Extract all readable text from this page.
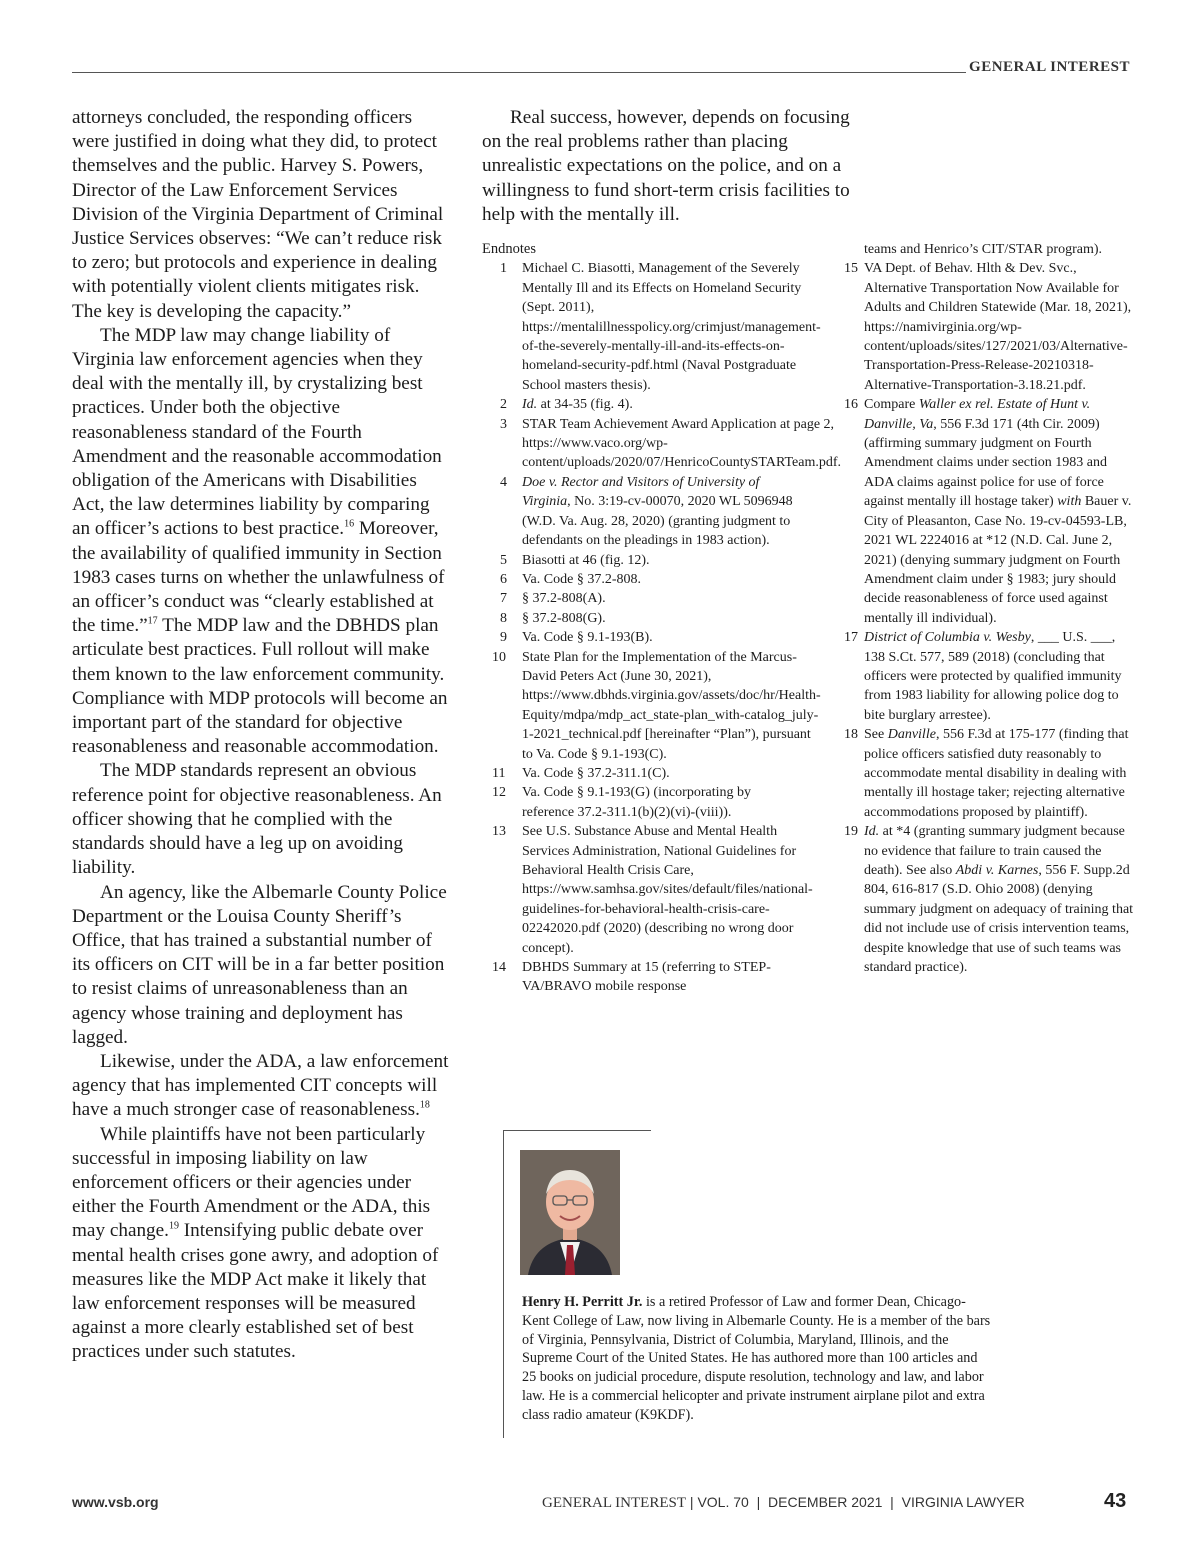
GENERAL INTEREST

attorneys concluded, the responding officers were justified in doing what they did, to protect themselves and the public. Harvey S. Powers, Director of the Law Enforcement Services Division of the Virginia Department of Criminal Justice Services observes: “We can’t reduce risk to zero; but protocols and experience in dealing with potentially violent clients mitigates risk. The key is developing the capacity.”

The MDP law may change liability of Virginia law enforcement agencies when they deal with the mentally ill, by crystalizing best practices. Under both the objective reasonableness standard of the Fourth Amendment and the reasonable accommodation obligation of the Americans with Disabilities Act, the law determines liability by comparing an officer’s actions to best practice.$^{16}$ Moreover, the availability of qualified immunity in Section 1983 cases turns on whether the unlawfulness of an officer’s conduct was “clearly established at the time.”$^{17}$ The MDP law and the DBHDS plan articulate best practices. Full rollout will make them known to the law enforcement community. Compliance with MDP protocols will become an important part of the standard for objective reasonableness and reasonable accommodation.

The MDP standards represent an obvious reference point for objective reasonableness. An officer showing that he complied with the standards should have a leg up on avoiding liability.

An agency, like the Albemarle County Police Department or the Louisa County Sheriff’s Office, that has trained a substantial number of its officers on CIT will be in a far better position to resist claims of unreasonableness than an agency whose training and deployment has lagged.

Likewise, under the ADA, a law enforcement agency that has implemented CIT concepts will have a much stronger case of reasonableness.$^{18}$

While plaintiffs have not been particularly successful in imposing liability on law enforcement officers or their agencies under either the Fourth Amendment or the ADA, this may change.$^{19}$ Intensifying public debate over mental health crises gone awry, and adoption of measures like the MDP Act make it likely that law enforcement responses will be measured against a more clearly established set of best practices under such statutes.

Real success, however, depends on focusing on the real problems rather than placing unrealistic expectations on the police, and on a willingness to fund short-term crisis facilities to help with the mentally ill.

Endnotes

1	Michael C. Biasotti, Management of the Severely Mentally Ill and its Effects on Homeland Security (Sept. 2011), https://mentalillnesspolicy.org/crimjust/management-of-the-severely-mentally-ill-and-its-effects-on-homeland-security-pdf.html (Naval Postgraduate School masters thesis).
2	Id. at 34-35 (fig. 4).
3	STAR Team Achievement Award Application at page 2, https://www.vaco.org/wp-content/uploads/2020/07/HenricoCountySTARTeam.pdf.
4	Doe v. Rector and Visitors of University of Virginia, No. 3:19-cv-00070, 2020 WL 5096948 (W.D. Va. Aug. 28, 2020) (granting judgment to defendants on the pleadings in 1983 action).
5	Biasotti at 46 (fig. 12).
6	Va. Code § 37.2-808.
7	§ 37.2-808(A).
8	§ 37.2-808(G).
9	Va. Code § 9.1-193(B).
10	State Plan for the Implementation of the Marcus-David Peters Act (June 30, 2021), https://www.dbhds.virginia.gov/assets/doc/hr/Health-Equity/mdpa/mdp_act_state-plan_with-catalog_july-1-2021_technical.pdf [hereinafter “Plan”), pursuant to Va. Code § 9.1-193(C).
11	Va. Code § 37.2-311.1(C).
12	Va. Code § 9.1-193(G) (incorporating by reference 37.2-311.1(b)(2)(vi)-(viii)).
13	See U.S. Substance Abuse and Mental Health Services Administration, National Guidelines for Behavioral Health Crisis Care, https://www.samhsa.gov/sites/default/files/national-guidelines-for-behavioral-health-crisis-care-02242020.pdf (2020) (describing no wrong door concept).
14	DBHDS Summary at 15 (referring to STEP-VA/BRAVO mobile response
teams and Henrico’s CIT/STAR program).
15 VA Dept. of Behav. Hlth & Dev. Svc., Alternative Transportation Now Available for Adults and Children Statewide (Mar. 18, 2021), https://namivirginia.org/wp-content/uploads/sites/127/2021/03/Alternative-Transportation-Press-Release-20210318-Alternative-Transportation-3.18.21.pdf.
16 Compare Waller ex rel. Estate of Hunt v. Danville, Va, 556 F.3d 171 (4th Cir. 2009) (affirming summary judgment on Fourth Amendment claims under section 1983 and ADA claims against police for use of force against mentally ill hostage taker) with Bauer v. City of Pleasanton, Case No. 19-cv-04593-LB, 2021 WL 2224016 at *12 (N.D. Cal. June 2, 2021) (denying summary judgment on Fourth Amendment claim under § 1983; jury should decide reasonableness of force used against mentally ill individual).
17 District of Columbia v. Wesby, ___ U.S. ___, 138 S.Ct. 577, 589 (2018) (concluding that officers were protected by qualified immunity from 1983 liability for allowing police dog to bite burglary arrestee).
18 See Danville, 556 F.3d at 175-177 (finding that police officers satisfied duty reasonably to accommodate mental disability in dealing with mentally ill hostage taker; rejecting alternative accommodations proposed by plaintiff).
19 Id. at *4 (granting summary judgment because no evidence that failure to train caused the death). See also Abdi v. Karnes, 556 F. Supp.2d 804, 616-817 (S.D. Ohio 2008) (denying summary judgment on adequacy of training that did not include use of crisis intervention teams, despite knowledge that use of such teams was standard practice).
Henry H. Perritt Jr. is a retired Professor of Law and former Dean, Chicago-Kent College of Law, now living in Albemarle County. He is a member of the bars of Virginia, Pennsylvania, District of Columbia, Maryland, Illinois, and the Supreme Court of the United States. He has authored more than 100 articles and 25 books on judicial procedure, dispute resolution, technology and law, and labor law. He is a commercial helicopter and private instrument airplane pilot and extra class radio amateur (K9KDF).
www.vsb.org	GENERAL INTEREST | VOL. 70  |  DECEMBER 2021  |  VIRGINIA LAWYER	43
